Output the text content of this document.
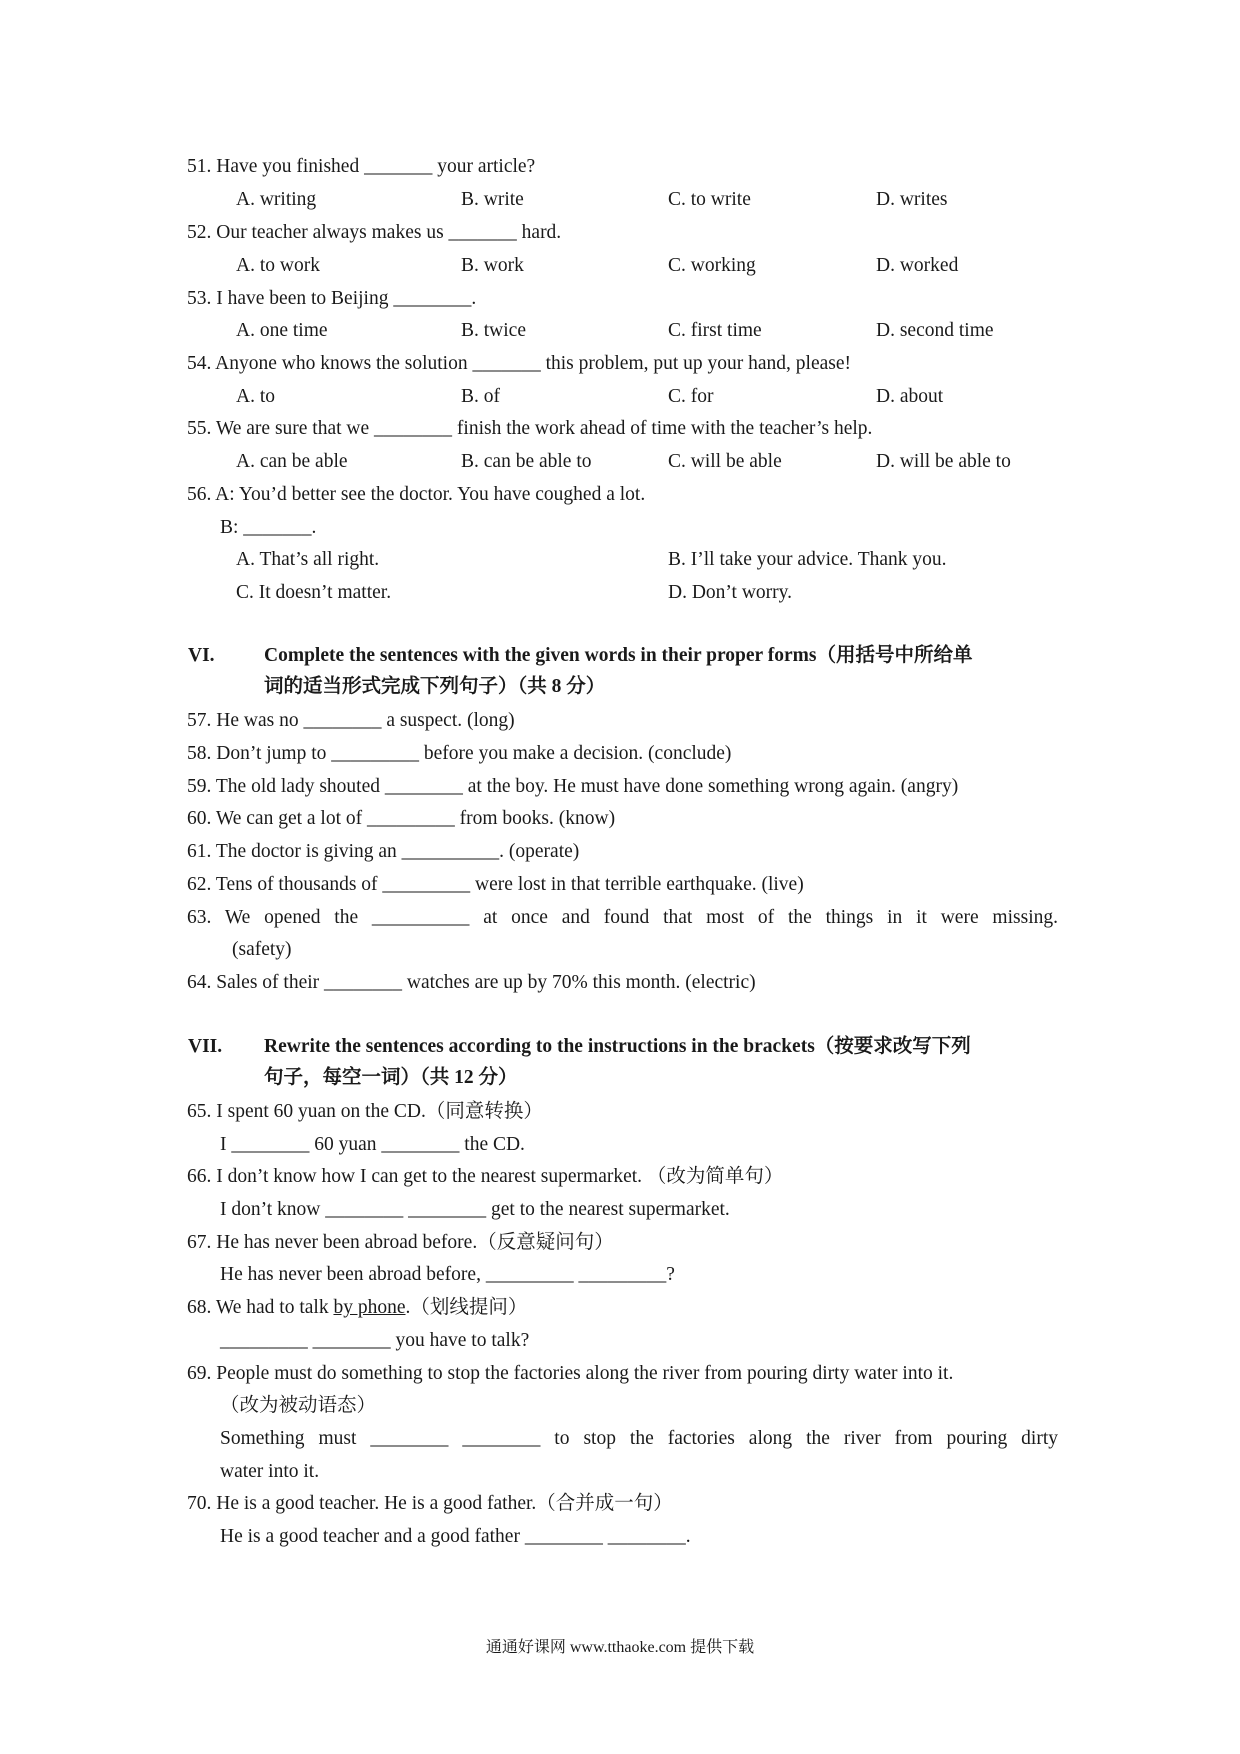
51. Have you finished _______ your article?
A. writing	B. write	C. to write	D. writes
52. Our teacher always makes us _______ hard.
A. to work	B. work	C. working	D. worked
53. I have been to Beijing ________.
A. one time	B. twice	C. first time	D. second time
54. Anyone who knows the solution _______ this problem, put up your hand, please!
A. to	B. of	C. for	D. about
55. We are sure that we ________ finish the work ahead of time with the teacher’s help.
A. can be able	B. can be able to	C. will be able	D. will be able to
56. A: You’d better see the doctor. You have coughed a lot.
B: _______.
A. That’s all right.	B. I’ll take your advice. Thank you.
C. It doesn’t matter.	D. Don’t worry.
VI.	Complete the sentences with the given words in their proper forms（用括号中所给单
词的适当形式完成下列句子）（共 8 分）
57. He was no ________ a suspect. (long)
58. Don’t jump to _________ before you make a decision. (conclude)
59. The old lady shouted ________ at the boy. He must have done something wrong again. (angry)
60. We can get a lot of _________ from books. (know)
61. The doctor is giving an __________. (operate)
62. Tens of thousands of _________ were lost in that terrible earthquake. (live)
63. We opened the __________ at once and found that most of the things in it were missing.
(safety)
64. Sales of their ________ watches are up by 70% this month. (electric)
VII. Rewrite the sentences according to the instructions in the brackets（按要求改写下列
句子，每空一词）（共 12 分）
65. I spent 60 yuan on the CD.（同意转换）
I ________ 60 yuan ________ the CD.
66. I don’t know how I can get to the nearest supermarket. （改为简单句）
I don’t know ________ ________ get to the nearest supermarket.
67. He has never been abroad before.（反意疑问句）
He has never been abroad before, _________ _________?
68. We had to talk by phone.（划线提问）
_________ ________ you have to talk?
69. People must do something to stop the factories along the river from pouring dirty water into it.
（改为被动语态）
Something must ________ ________ to stop the factories along the river from pouring dirty
water into it.
70. He is a good teacher. He is a good father.（合并成一句）
He is a good teacher and a good father ________ ________.
通通好课网 www.tthaoke.com 提供下载
